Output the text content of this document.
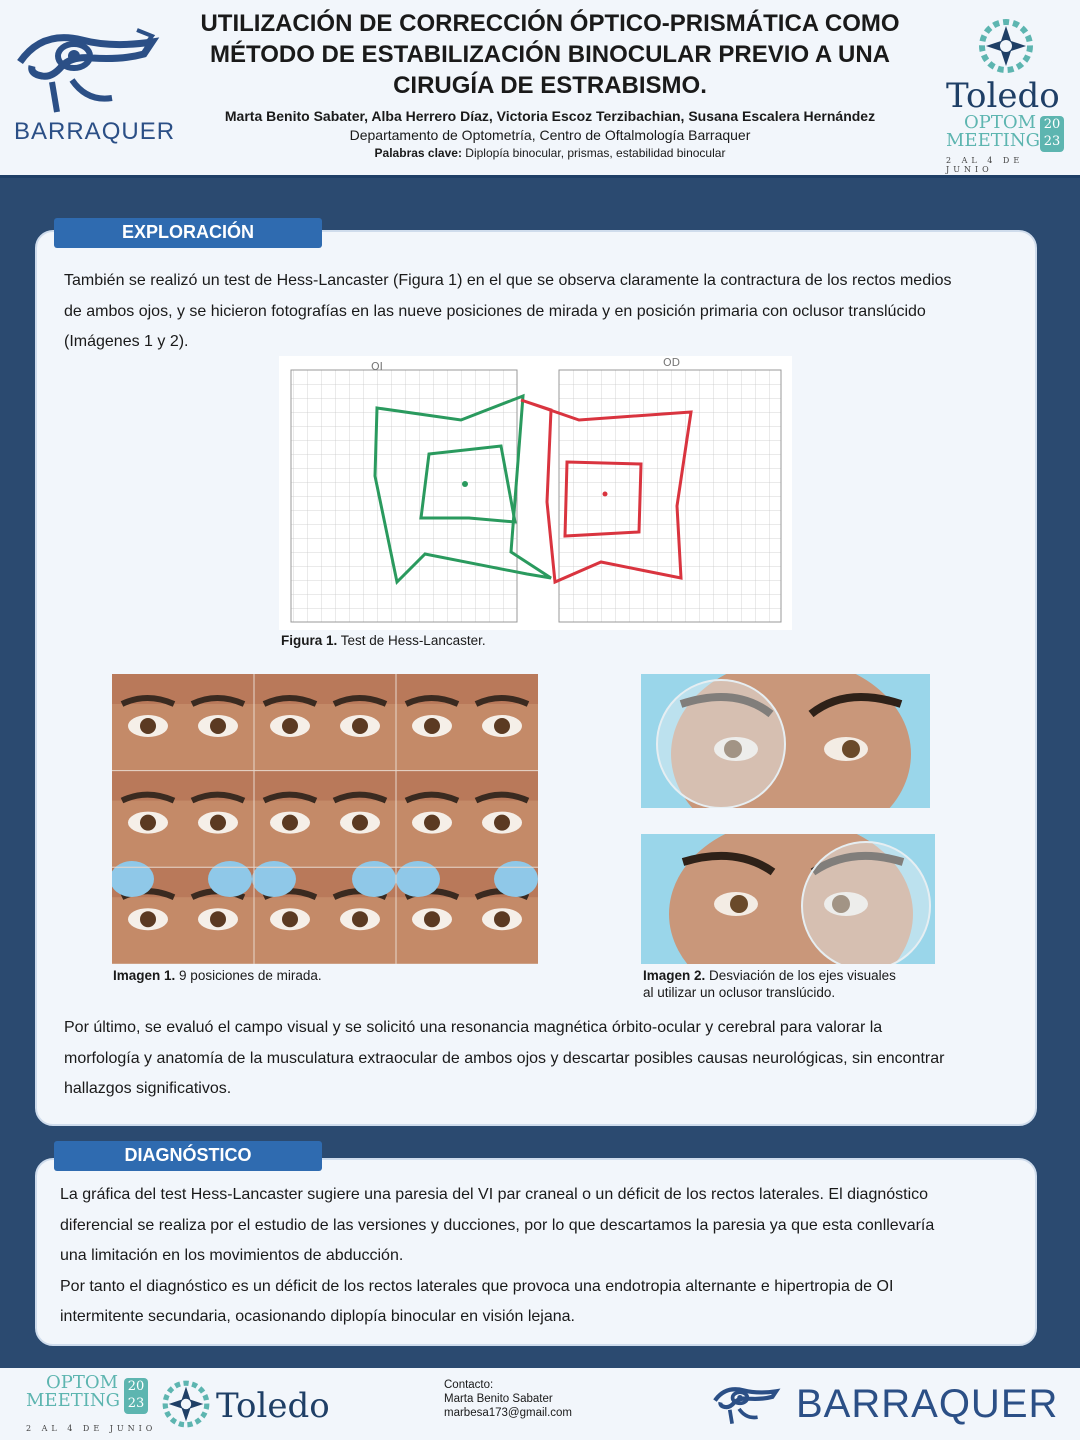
BARRAQUER
UTILIZACIÓN DE CORRECCIÓN ÓPTICO-PRISMÁTICA COMO
MÉTODO DE ESTABILIZACIÓN BINOCULAR PREVIO A UNA
CIRUGÍA DE ESTRABISMO.
Marta Benito Sabater, Alba Herrero Díaz, Victoria Escoz Terzibachian, Susana Escalera Hernández
Departamento de Optometría, Centro de Oftalmología Barraquer
Palabras clave: Diplopía binocular, prismas, estabilidad binocular
Toledo
OPTOM
MEETING
20
23
2 AL 4 DE JUNIO
EXPLORACIÓN
También se realizó un test de Hess-Lancaster (Figura 1) en el que se observa claramente la contractura de los rectos medios
de ambos ojos, y se hicieron fotografías en las nueve posiciones de mirada y en posición primaria con oclusor translúcido
(Imágenes 1 y 2).
OI	OD
Figura 1. Test de Hess-Lancaster.
Imagen 1. 9 posiciones de mirada.	Imagen 2. Desviación de los ejes visuales
al utilizar un oclusor translúcido.
Por último, se evaluó el campo visual y se solicitó una resonancia magnética órbito-ocular y cerebral para valorar la
morfología y anatomía de la musculatura extraocular de ambos ojos y descartar posibles causas neurológicas, sin encontrar
hallazgos significativos.
DIAGNÓSTICO
La gráfica del test Hess-Lancaster sugiere una paresia del VI par craneal o un déficit de los rectos laterales. El diagnóstico
diferencial se realiza por el estudio de las versiones y ducciones, por lo que descartamos la paresia ya que esta conllevaría
una limitación en los movimientos de abducción.
Por tanto el diagnóstico es un déficit de los rectos laterales que provoca una endotropia alternante e hipertropia de OI
intermitente secundaria, ocasionando diplopía binocular en visión lejana.
OPTOM
MEETING
20
23
2 AL 4 DE JUNIO
Toledo	BARRAQUER
Contacto:
Marta Benito Sabater
marbesa173@gmail.com
